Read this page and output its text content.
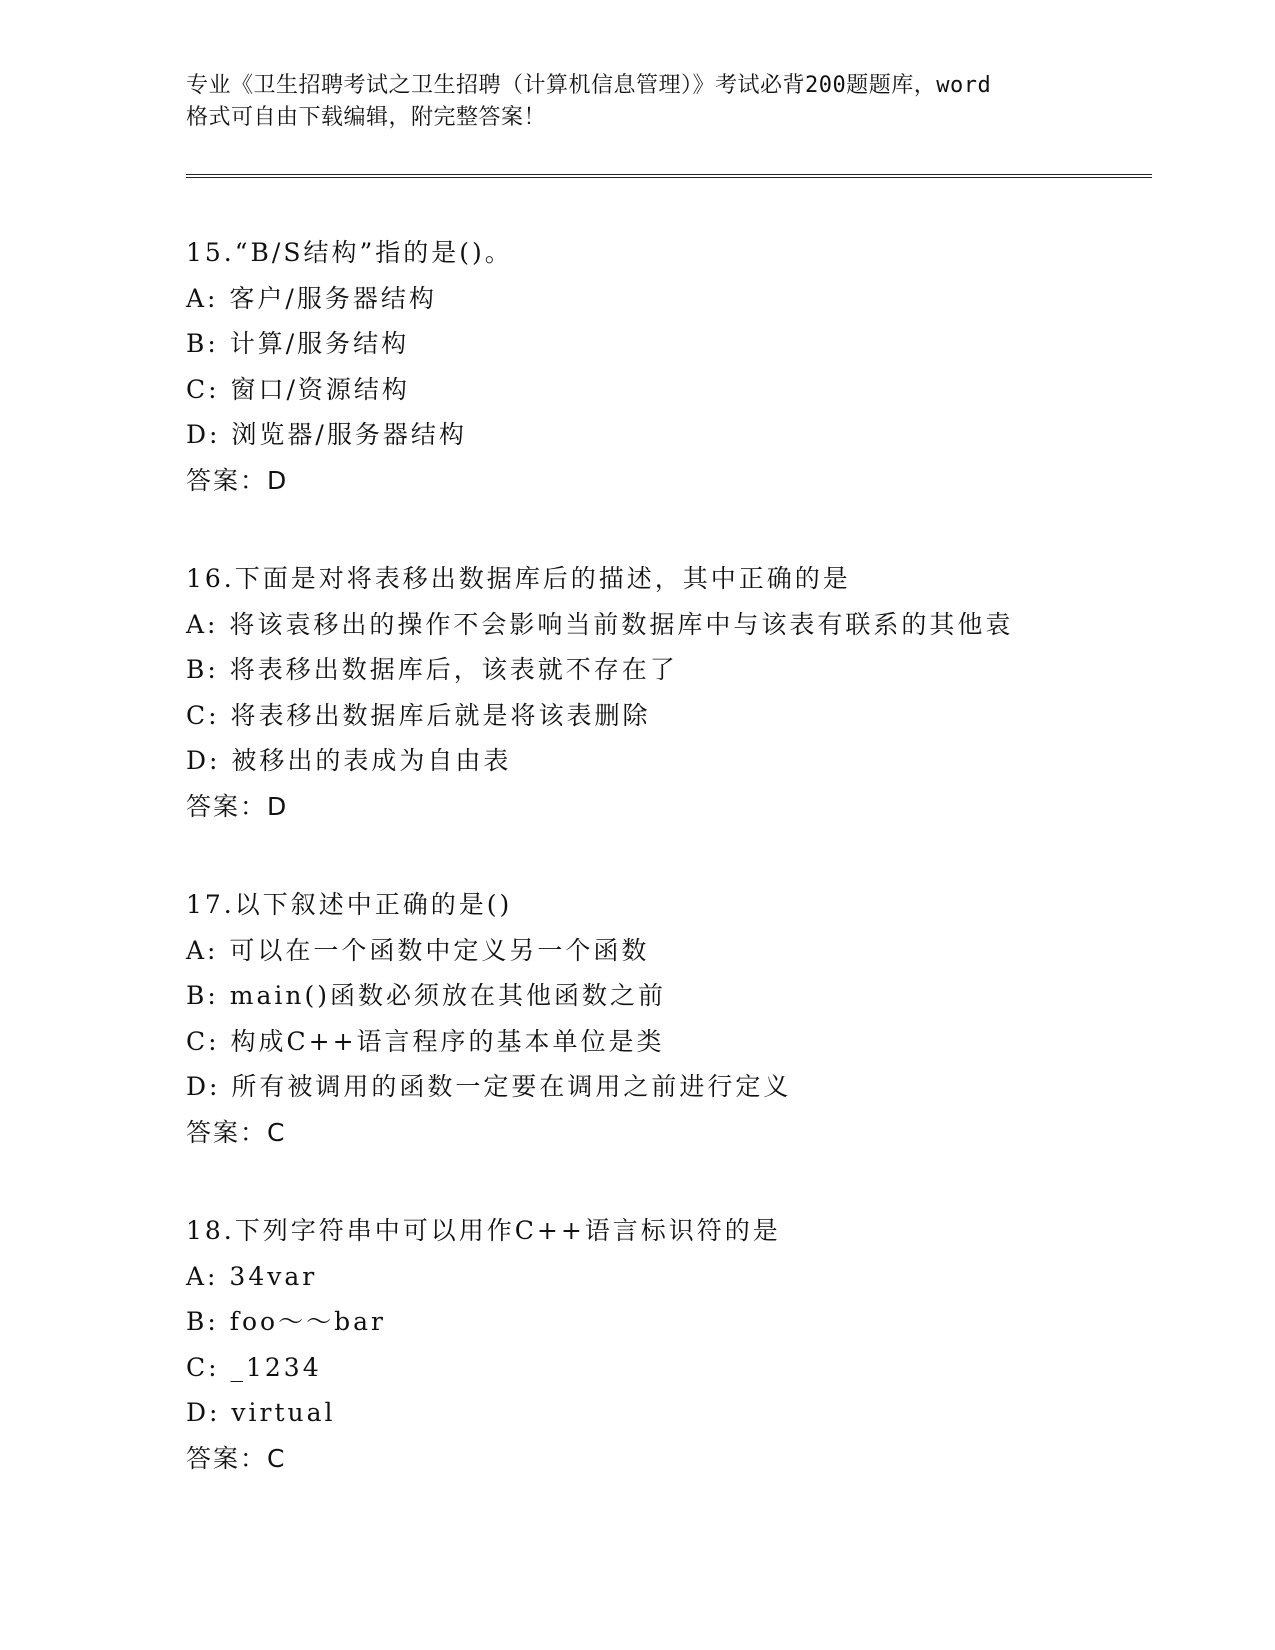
专业《卫生招聘考试之卫生招聘（计算机信息管理）》考试必背200题题库，word

格式可自由下载编辑，附完整答案！

15.“B/S结构”指的是()。
A: 客户/服务器结构
B: 计算/服务结构
C: 窗口/资源结构
D: 浏览器/服务器结构
答案：D
16.下面是对将表移出数据库后的描述，其中正确的是
A: 将该袁移出的操作不会影响当前数据库中与该表有联系的其他袁
B: 将表移出数据库后，该表就不存在了
C: 将表移出数据库后就是将该表删除
D: 被移出的表成为自由表
答案：D
17.以下叙述中正确的是()
A: 可以在一个函数中定义另一个函数
B: main()函数必须放在其他函数之前
C: 构成C++语言程序的基本单位是类
D: 所有被调用的函数一定要在调用之前进行定义
答案：C
18.下列字符串中可以用作C++语言标识符的是
A: 34var
B: foo～～bar
C: _1234
D: virtual
答案：C
